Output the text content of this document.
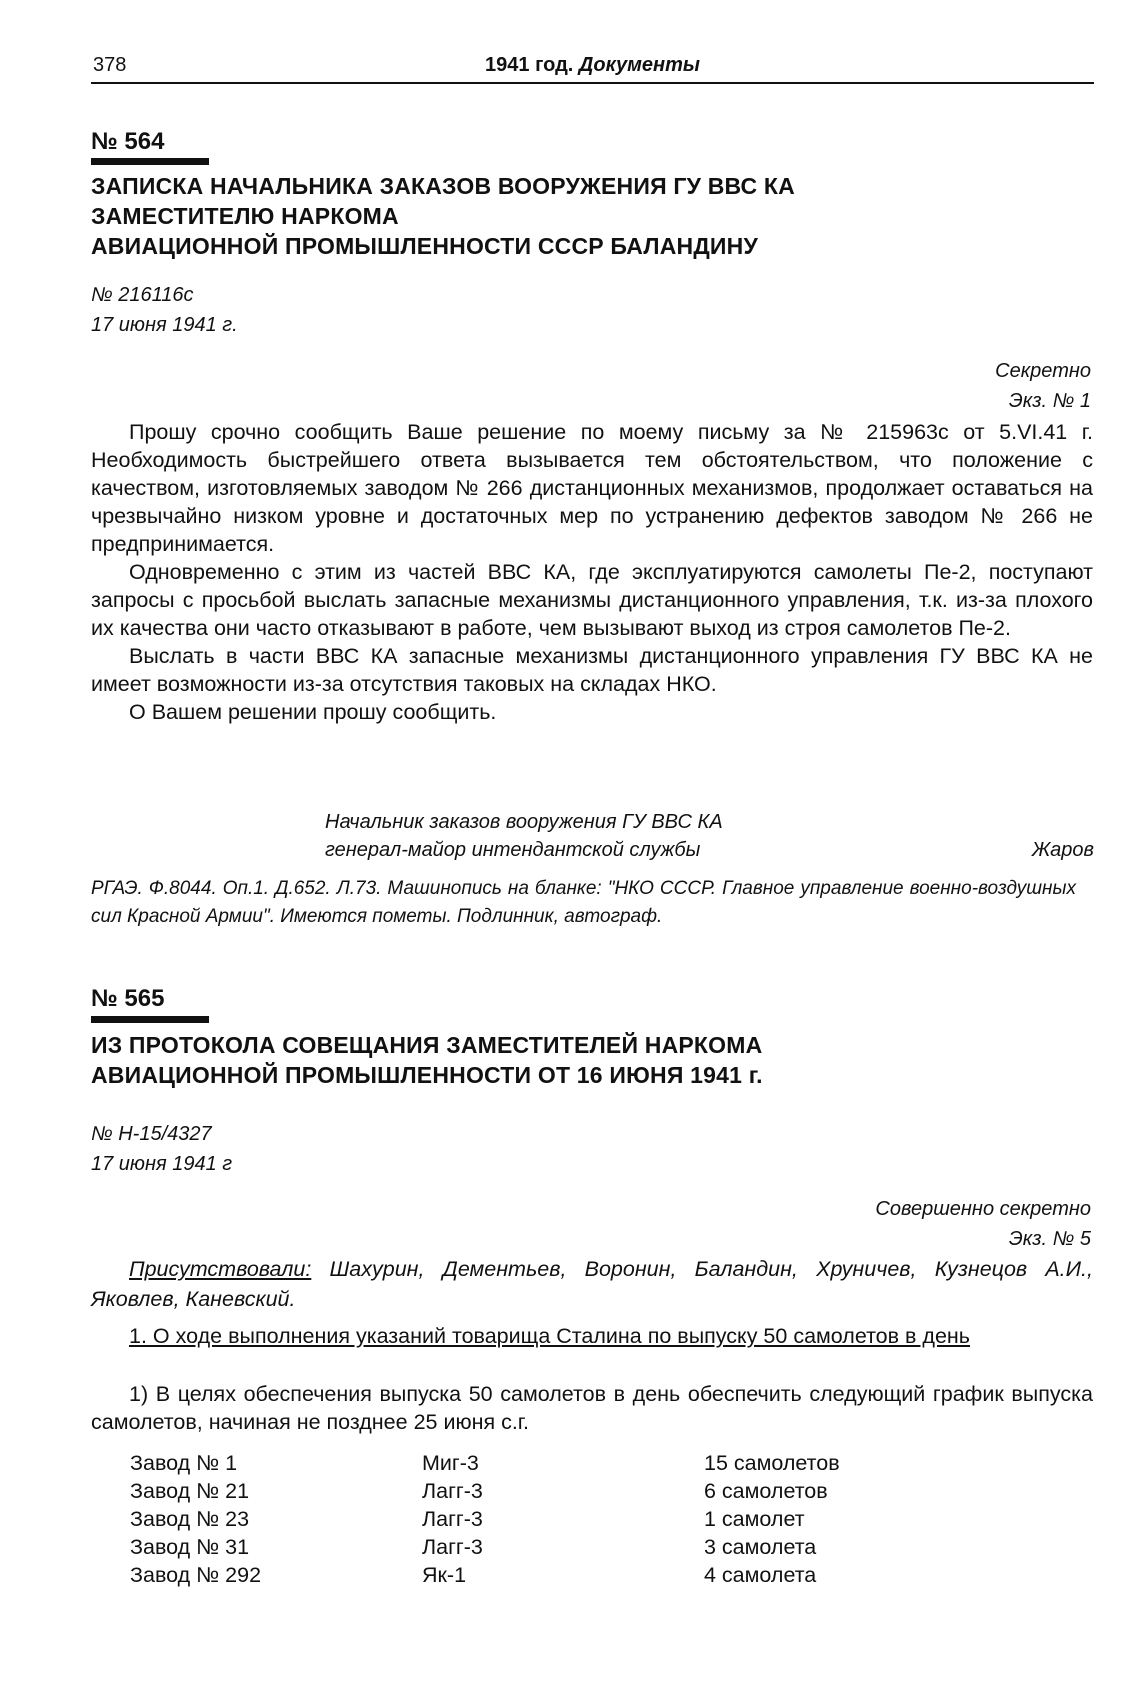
378	1941 год. Документы
№ 564
ЗАПИСКА НАЧАЛЬНИКА ЗАКАЗОВ ВООРУЖЕНИЯ ГУ ВВС КА
ЗАМЕСТИТЕЛЮ НАРКОМА
АВИАЦИОННОЙ ПРОМЫШЛЕННОСТИ СССР БАЛАНДИНУ
№ 216116с
17 июня 1941 г.
Секретно
Экз. № 1

Прошу срочно сообщить Ваше решение по моему письму за № 215963с от 5.VI.41 г. Необходимость быстрейшего ответа вызывается тем обстоятельством, что положение с качеством, изготовляемых заводом № 266 дистанционных механизмов, продолжает оставаться на чрезвычайно низком уровне и достаточных мер по устранению дефектов заводом № 266 не предпринимается.

Одновременно с этим из частей ВВС КА, где эксплуатируются самолеты Пе-2, поступают запросы с просьбой выслать запасные механизмы дистанционного управления, т.к. из-за плохого их качества они часто отказывают в работе, чем вызывают выход из строя самолетов Пе-2.

Выслать в части ВВС КА запасные механизмы дистанционного управления ГУ ВВС КА не имеет возможности из-за отсутствия таковых на складах НКО.

О Вашем решении прошу сообщить.

Начальник заказов вооружения ГУ ВВС КА
генерал-майор интендантской службы	Жаров
РГАЭ. Ф.8044. Оп.1. Д.652. Л.73. Машинопись на бланке: "НКО СССР. Главное управление военно-воздушных сил Красной Армии". Имеются пометы. Подлинник, автограф.
№ 565
ИЗ ПРОТОКОЛА СОВЕЩАНИЯ ЗАМЕСТИТЕЛЕЙ НАРКОМА
АВИАЦИОННОЙ ПРОМЫШЛЕННОСТИ ОТ 16 ИЮНЯ 1941 г.
№ Н-15/4327
17 июня 1941 г
Совершенно секретно
Экз. № 5
Присутствовали: Шахурин, Дементьев, Воронин, Баландин, Хруничев, Кузнецов А.И., Яковлев, Каневский.
1. О ходе выполнения указаний товарища Сталина по выпуску 50 самолетов в день

1) В целях обеспечения выпуска 50 самолетов в день обеспечить следующий график выпуска самолетов, начиная не позднее 25 июня с.г.

Завод № 1	Миг-3	15 самолетов
Завод № 21	Лагг-3	6 самолетов
Завод № 23	Лагг-3	1 самолет
Завод № 31	Лагг-3	3 самолета
Завод № 292	Як-1	4 самолета
